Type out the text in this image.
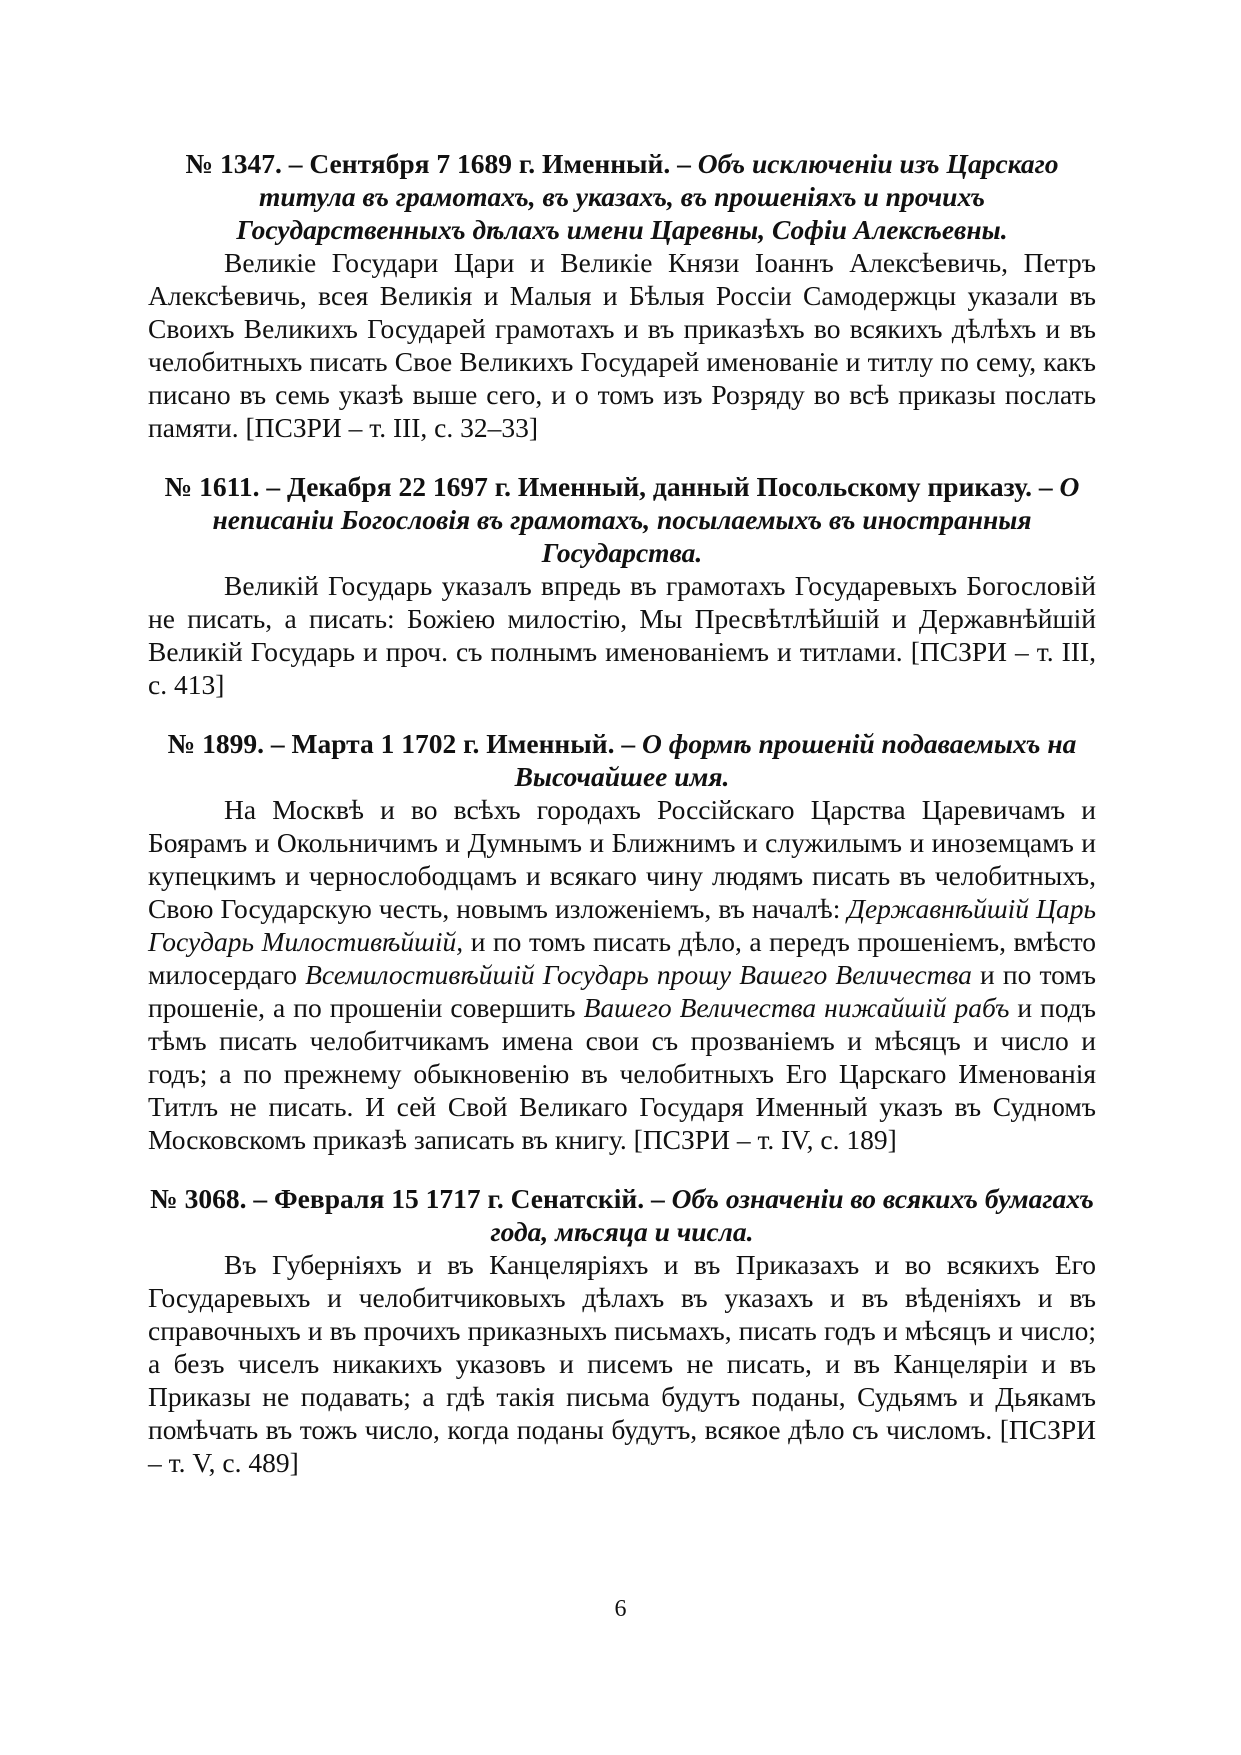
№ 1347. – Сентября 7 1689 г. Именный. – Объ исключенiи изъ Царскаго титула въ грамотахъ, въ указахъ, въ прошенiяхъ и прочихъ Государственныхъ дѣлахъ имени Царевны, Софiи Алексѣевны.

Великiе Государи Цари и Великiе Князи Iоаннъ Алексѣевичь, Петръ Алексѣевичь, всея Великiя и Малыя и Бѣлыя Россiи Самодержцы указали въ Своихъ Великихъ Государей грамотахъ и въ приказѣхъ во всякихъ дѣлѣхъ и въ челобитныхъ писать Свое Великихъ Государей именованiе и титлу по сему, какъ писано въ семь указѣ выше сего, и о томъ изъ Розряду во всѣ приказы послать памяти. [ПСЗРИ – т. III, с. 32–33]

№ 1611. – Декабря 22 1697 г. Именный, данный Посольскому приказу. – О неписанiи Богословiя въ грамотахъ, посылаемыхъ въ иностранныя Государства.

Великiй Государь указалъ впредь въ грамотахъ Государевыхъ Богословiй не писать, а писать: Божiею милостiю, Мы Пресвѣтлѣйшiй и Державнѣйшiй Великiй Государь и проч. съ полнымъ именованiемъ и титлами. [ПСЗРИ – т. III, с. 413]

№ 1899. – Марта 1 1702 г. Именный. – О формѣ прошенiй подаваемыхъ на Высочайшее имя.

На Москвѣ и во всѣхъ городахъ Россiйскаго Царства Царевичамъ и Боярамъ и Окольничимъ и Думнымъ и Ближнимъ и служилымъ и иноземцамъ и купецкимъ и чернослободцамъ и всякаго чину людямъ писать въ челобитныхъ, Свою Государскую честь, новымъ изложенiемъ, въ началѣ: Державнѣйшiй Царь Государь Милостивѣйшiй, и по томъ писать дѣло, а передъ прошенiемъ, вмѣсто милосердаго Всемилостивѣйшiй Государь прошу Вашего Величества и по томъ прошенiе, а по прошенiи совершить Вашего Величества нижайшiй рабъ и подъ тѣмъ писать челобитчикамъ имена свои съ прозванiемъ и мѣсяцъ и число и годъ; а по прежнему обыкновенiю въ челобитныхъ Его Царскаго Именованiя Титлъ не писать. И сей Свой Великаго Государя Именный указъ въ Судномъ Московскомъ приказѣ записать въ книгу. [ПСЗРИ – т. IV, с. 189]

№ 3068. – Февраля 15 1717 г. Сенатскiй. – Объ означенiи во всякихъ бумагахъ года, мѣсяца и числа.

Въ Губернiяхъ и въ Канцелярiяхъ и въ Приказахъ и во всякихъ Его Государевыхъ и челобитчиковыхъ дѣлахъ въ указахъ и въ вѣденiяхъ и въ справочныхъ и въ прочихъ приказныхъ письмахъ, писать годъ и мѣсяцъ и число; а безъ чиселъ никакихъ указовъ и писемъ не писать, и въ Канцелярiи и въ Приказы не подавать; а гдѣ такiя письма будутъ поданы, Судьямъ и Дьякамъ помѣчать въ тожъ число, когда поданы будутъ, всякое дѣло съ числомъ. [ПСЗРИ – т. V, с. 489]

6
